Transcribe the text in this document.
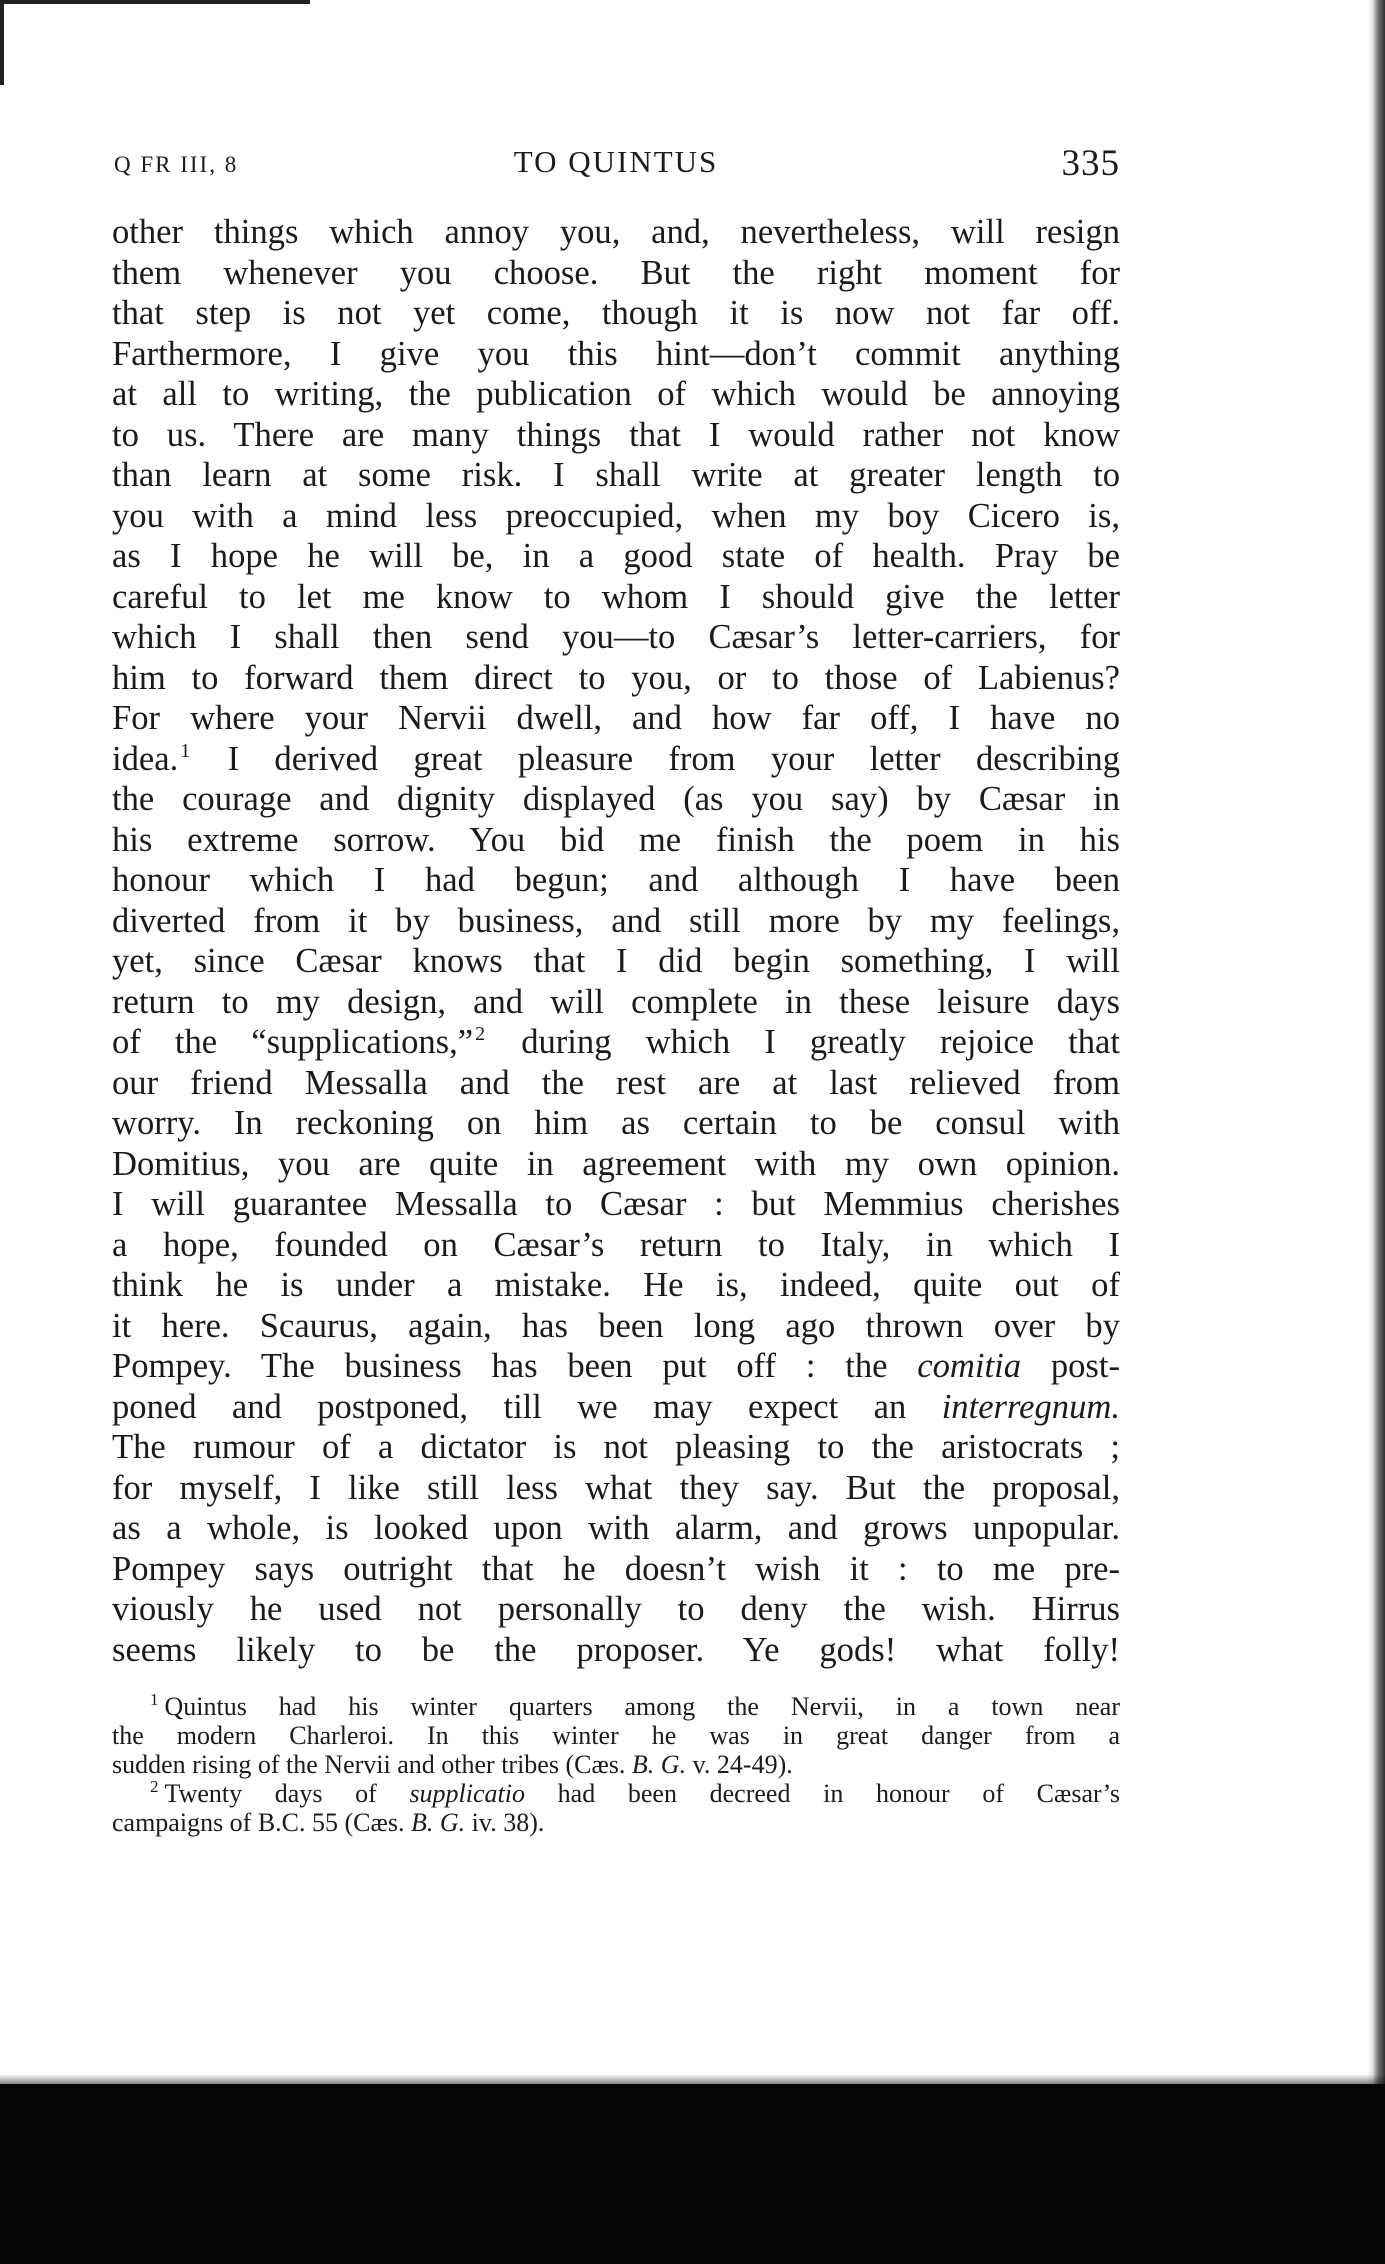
Q FR III, 8	TO QUINTUS	335
other things which annoy you, and, nevertheless, will resign
them whenever you choose. But the right moment for
that step is not yet come, though it is now not far off.
Farthermore, I give you this hint—don’t commit anything
at all to writing, the publication of which would be annoying
to us. There are many things that I would rather not know
than learn at some risk. I shall write at greater length to
you with a mind less preoccupied, when my boy Cicero is,
as I hope he will be, in a good state of health. Pray be
careful to let me know to whom I should give the letter
which I shall then send you—to Cæsar’s letter-carriers, for
him to forward them direct to you, or to those of Labienus?
For where your Nervii dwell, and how far off, I have no
idea. $^1$ I derived great pleasure from your letter describing
the courage and dignity displayed (as you say) by Cæsar in
his extreme sorrow. You bid me finish the poem in his
honour which I had begun; and although I have been
diverted from it by business, and still more by my feelings,
yet, since Cæsar knows that I did begin something, I will
return to my design, and will complete in these leisure days
of the “supplications,” $^2$ during which I greatly rejoice that
our friend Messalla and the rest are at last relieved from
worry. In reckoning on him as certain to be consul with
Domitius, you are quite in agreement with my own opinion.
I will guarantee Messalla to Cæsar : but Memmius cherishes
a hope, founded on Cæsar’s return to Italy, in which I
think he is under a mistake. He is, indeed, quite out of
it here. Scaurus, again, has been long ago thrown over by
Pompey. The business has been put off : the comitia post-
poned and postponed, till we may expect an interregnum.
The rumour of a dictator is not pleasing to the aristocrats ;
for myself, I like still less what they say. But the proposal,
as a whole, is looked upon with alarm, and grows unpopular.
Pompey says outright that he doesn’t wish it : to me pre-
viously he used not personally to deny the wish. Hirrus
seems likely to be the proposer. Ye gods! what folly!
$^1$ Quintus had his winter quarters among the Nervii, in a town near
the modern Charleroi. In this winter he was in great danger from a
sudden rising of the Nervii and other tribes (Cæs. B. G. v. 24-49).
$^2$ Twenty days of supplicatio had been decreed in honour of Cæsar’s
campaigns of B.C. 55 (Cæs. B. G. iv. 38).
